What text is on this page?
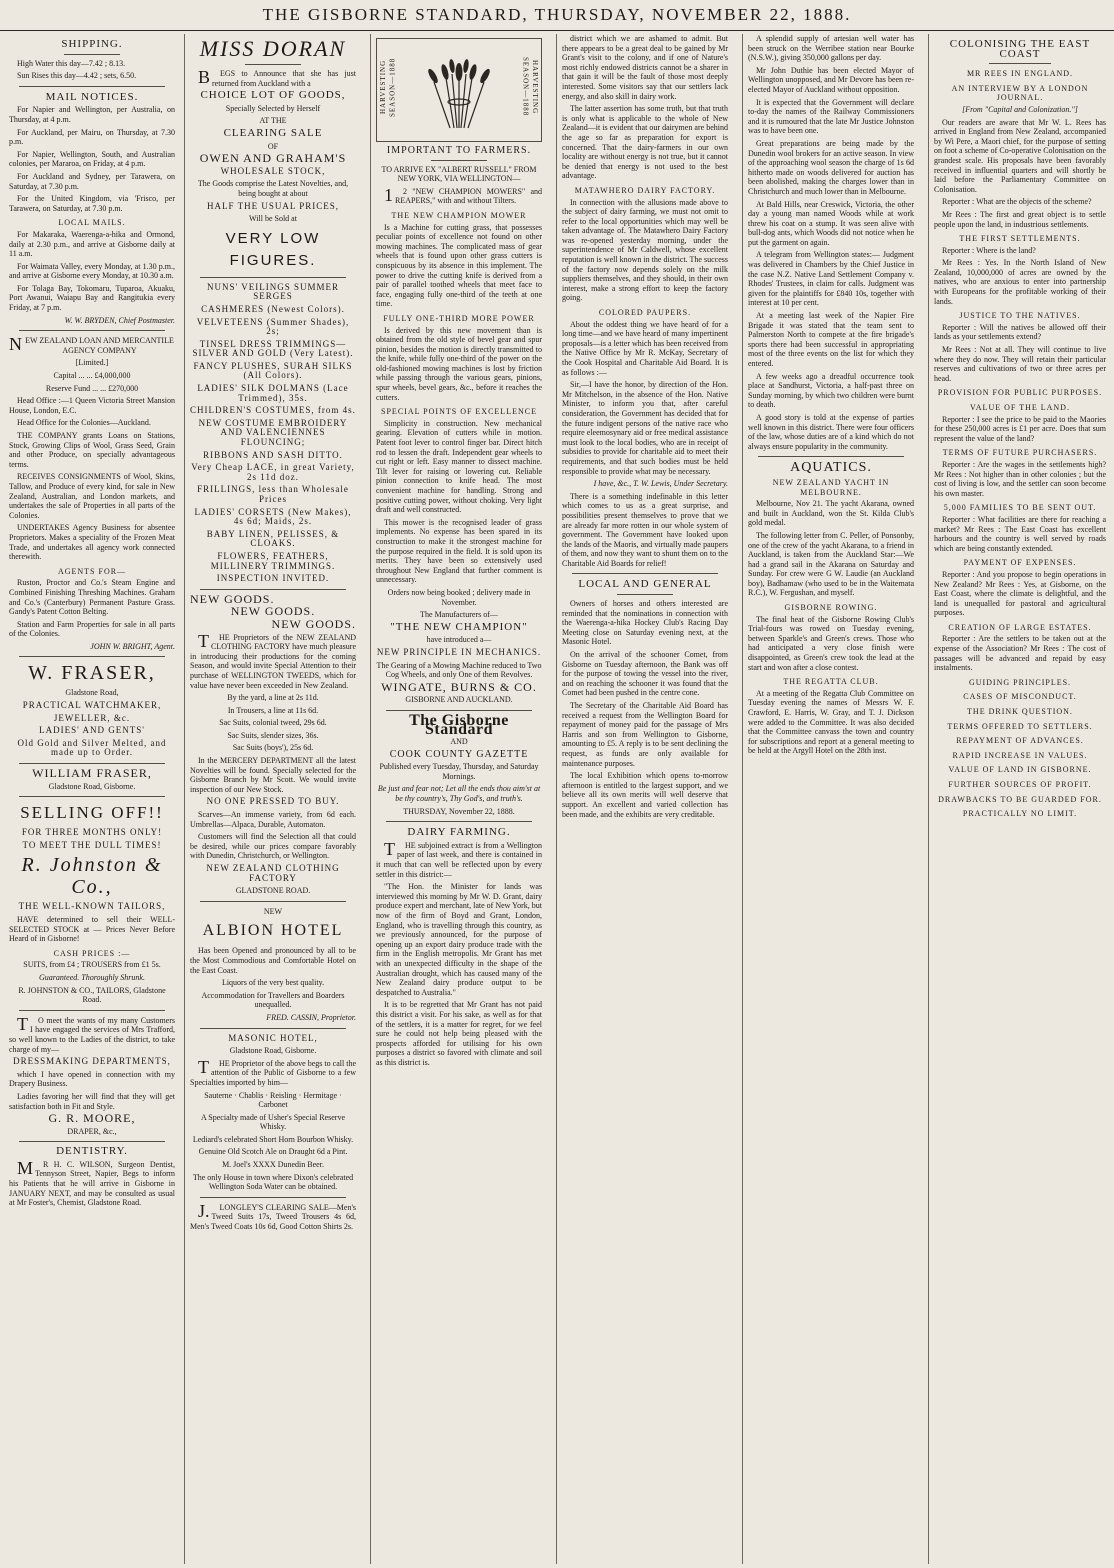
THE GISBORNE STANDARD, THURSDAY, NOVEMBER 22, 1888.
SHIPPING.

High Water this day—7.42 ; 8.13.

Sun Rises this day—4.42 ; sets, 6.50.

MAIL NOTICES.

For Napier and Wellington, per Australia, on Thursday, at 4 p.m.

For Auckland, per Mairu, on Thursday, at 7.30 p.m.

For Napier, Wellington, South, and Australian colonies, per Mararoa, on Friday, at 4 p.m.

For Auckland and Sydney, per Tarawera, on Saturday, at 7.30 p.m.

For the United Kingdom, via 'Frisco, per Tarawera, on Saturday, at 7.30 p.m.

LOCAL MAILS.

For Makaraka, Waerenga-a-hika and Ormond, daily at 2.30 p.m., and arrive at Gisborne daily at 11 a.m.

For Waimata Valley, every Monday, at 1.30 p.m., and arrive at Gisborne every Monday, at 10.30 a.m.

For Tolaga Bay, Tokomaru, Tuparoa, Akuaku, Port Awanui, Waiapu Bay and Rangitukia every Friday, at 7 p.m.

W. W. BRYDEN, Chief Postmaster.

NEW ZEALAND LOAN AND MERCANTILE AGENCY COMPANY

[Limited.]

Capital ... ... £4,000,000

Reserve Fund ... ... £270,000

Head Office :—1 Queen Victoria Street Mansion House, London, E.C.

Head Office for the Colonies—Auckland.

THE COMPANY grants Loans on Stations, Stock, Growing Clips of Wool, Grass Seed, Grain and other Produce, on specially advantageous terms.

RECEIVES CONSIGNMENTS of Wool, Skins, Tallow, and Produce of every kind, for sale in New Zealand, Australian, and London markets, and undertakes the sale of Properties in all parts of the Colonies.

UNDERTAKES Agency Business for absentee Proprietors. Makes a speciality of the Frozen Meat Trade, and undertakes all agency work connected therewith.

AGENTS FOR—

Ruston, Proctor and Co.'s Steam Engine and Combined Finishing Threshing Machines. Graham and Co.'s (Canterbury) Permanent Pasture Grass. Gandy's Patent Cotton Belting.

Station and Farm Properties for sale in all parts of the Colonies.

JOHN W. BRIGHT, Agent.

W. FRASER,

Gladstone Road,

PRACTICAL WATCHMAKER,

JEWELLER, &c.

LADIES' AND GENTS'

Old Gold and Silver Melted, and made up to Order.

WILLIAM FRASER,

Gladstone Road, Gisborne.

SELLING OFF!!

FOR THREE MONTHS ONLY!

TO MEET THE DULL TIMES!

R. Johnston & Co.,

THE WELL-KNOWN TAILORS,

HAVE determined to sell their WELL-SELECTED STOCK at — Prices Never Before Heard of in Gisborne!

CASH PRICES :—

SUITS, from £4 ; TROUSERS from £1 5s.

Guaranteed. Thoroughly Shrunk.

R. JOHNSTON & CO., TAILORS, Gladstone Road.

TO meet the wants of my many Customers I have engaged the services of Mrs Trafford, so well known to the Ladies of the district, to take charge of my—

DRESSMAKING DEPARTMENTS,

which I have opened in connection with my Drapery Business.

Ladies favoring her will find that they will get satisfaction both in Fit and Style.

G. R. MOORE,

DRAPER, &c.,

DENTISTRY.

MR H. C. WILSON, Surgeon Dentist, Tennyson Street, Napier, Begs to inform his Patients that he will arrive in Gisborne in JANUARY NEXT, and may be consulted as usual at Mr Foster's, Chemist, Gladstone Road.

MISS DORAN

BEGS to Announce that she has just returned from Auckland with a

CHOICE LOT OF GOODS,

Specially Selected by Herself

AT THE

CLEARING SALE

OF

OWEN AND GRAHAM'S

WHOLESALE STOCK,

The Goods comprise the Latest Novelties, and, being bought at about

HALF THE USUAL PRICES,

Will be Sold at

VERY LOW FIGURES.

NUNS' VEILINGS SUMMER SERGES

CASHMERES (Newest Colors).

VELVETEENS (Summer Shades), 2s;

TINSEL DRESS TRIMMINGS—SILVER AND GOLD (Very Latest).

FANCY PLUSHES, SURAH SILKS (All Colors).

LADIES' SILK DOLMANS (Lace Trimmed), 35s.

CHILDREN'S COSTUMES, from 4s.

NEW COSTUME EMBROIDERY AND VALENCIENNES FLOUNCING;

RIBBONS AND SASH DITTO.

Very Cheap LACE, in great Variety, 2s 11d doz.

FRILLINGS, less than Wholesale Prices

LADIES' CORSETS (New Makes), 4s 6d; Maids, 2s.

BABY LINEN, PELISSES, & CLOAKS.

FLOWERS, FEATHERS, MILLINERY TRIMMINGS.

INSPECTION INVITED.

NEW GOODS.

NEW GOODS.

NEW GOODS.

THE Proprietors of the NEW ZEALAND CLOTHING FACTORY have much pleasure in introducing their productions for the coming Season, and would invite Special Attention to their purchase of WELLINGTON TWEEDS, which for value have never been exceeded in New Zealand.

By the yard, a line at 2s 11d.

In Trousers, a line at 11s 6d.

Sac Suits, colonial tweed, 29s 6d.

Sac Suits, slender sizes, 36s.

Sac Suits (boys'), 25s 6d.

In the MERCERY DEPARTMENT all the latest Novelties will be found. Specially selected for the Gisborne Branch by Mr Scott. We would invite inspection of our New Stock.

NO ONE PRESSED TO BUY.

Scarves—An immense variety, from 6d each. Umbrellas—Alpaca, Durable, Automaton.

Customers will find the Selection all that could be desired, while our prices compare favorably with Dunedin, Christchurch, or Wellington.

NEW ZEALAND CLOTHING FACTORY

GLADSTONE ROAD.

NEW

ALBION HOTEL

Has been Opened and pronounced by all to be the Most Commodious and Comfortable Hotel on the East Coast.

Liquors of the very best quality.

Accommodation for Travellers and Boarders unequalled.

FRED. CASSIN, Proprietor.

MASONIC HOTEL,

Gladstone Road, Gisborne.

THE Proprietor of the above begs to call the attention of the Public of Gisborne to a few Specialties imported by him—

Sauterne · Chablis · Reisling · Hermitage · Carbonet

A Specialty made of Usher's Special Reserve Whisky.

Lediard's celebrated Short Horn Bourbon Whisky.

Genuine Old Scotch Ale on Draught 6d a Pint.

M. Joel's XXXX Dunedin Beer.

The only House in town where Dixon's celebrated Wellington Soda Water can be obtained.

J.LONGLEY'S CLEARING SALE—Men's Tweed Suits 17s, Tweed Trousers 4s 6d, Men's Tweed Coats 10s 6d, Good Cotton Shirts 2s.

HARVESTING SEASON—1888	HARVESTING SEASON—1888

IMPORTANT TO FARMERS.

TO ARRIVE EX "ALBERT RUSSELL" FROM NEW YORK, VIA WELLINGTON—

12 "NEW CHAMPION MOWERS" and REAPERS," with and without Tilters.

THE NEW CHAMPION MOWER

Is a Machine for cutting grass, that possesses peculiar points of excellence not found on other mowing machines. The complicated mass of gear wheels that is found upon other grass cutters is conspicuous by its absence in this implement. The power to drive the cutting knife is derived from a pair of parallel toothed wheels that meet face to face, engaging fully one-third of the teeth at one time.

FULLY ONE-THIRD MORE POWER

Is derived by this new movement than is obtained from the old style of bevel gear and spur pinion, besides the motion is directly transmitted to the knife, while fully one-third of the power on the old-fashioned mowing machines is lost by friction while passing through the various gears, pinions, spur wheels, bevel gears, &c., before it reaches the cutters.

SPECIAL POINTS OF EXCELLENCE

Simplicity in construction. New mechanical gearing. Elevation of cutters while in motion. Patent foot lever to control finger bar. Direct hitch rod to lessen the draft. Independent gear wheels to cut right or left. Easy manner to dissect machine. Tilt lever for raising or lowering cut. Reliable pinion connection to knife head. The most convenient machine for handling. Strong and positive cutting power, without choking. Very light draft and well constructed.

This mower is the recognised leader of grass implements. No expense has been spared in its construction to make it the strongest machine for the purpose required in the field. It is sold upon its merits. They have been so extensively used throughout New England that further comment is unnecessary.

Orders now being booked ; delivery made in November.

The Manufacturers of—

"THE NEW CHAMPION"

have introduced a—

NEW PRINCIPLE IN MECHANICS.

The Gearing of a Mowing Machine reduced to Two Cog Wheels, and only One of them Revolves.

WINGATE, BURNS & CO.

GISBORNE AND AUCKLAND.

The Gisborne Standard

AND

COOK COUNTY GAZETTE

Published every Tuesday, Thursday, and Saturday Mornings.

Be just and fear not; Let all the ends thou aim'st at be thy country's, Thy God's, and truth's.

THURSDAY, November 22, 1888.

DAIRY FARMING.

THE subjoined extract is from a Wellington paper of last week, and there is contained in it much that can well be reflected upon by every settler in this district:—

"The Hon. the Minister for lands was interviewed this morning by Mr W. D. Grant, dairy produce expert and merchant, late of New York, but now of the firm of Boyd and Grant, London, England, who is travelling through this country, as we previously announced, for the purpose of opening up an export dairy produce trade with the firm in the English metropolis. Mr Grant has met with an unexpected difficulty in the shape of the Australian drought, which has caused many of the New Zealand dairy produce output to be despatched to Australia."

It is to be regretted that Mr Grant has not paid this district a visit. For his sake, as well as for that of the settlers, it is a matter for regret, for we feel sure he could not help being pleased with the prospects afforded for utilising for his own purposes a district so favored with climate and soil as this district is.

district which we are ashamed to admit. But there appears to be a great deal to be gained by Mr Grant's visit to the colony, and if one of Nature's most richly endowed districts cannot be a sharer in that gain it will be the fault of those most deeply interested. Some visitors say that our settlers lack energy, and also skill in dairy work.

The latter assertion has some truth, but that truth is only what is applicable to the whole of New Zealand—it is evident that our dairymen are behind the age so far as preparation for export is concerned. That the dairy-farmers in our own locality are without energy is not true, but it cannot be denied that energy is not used to the best advantage.

MATAWHERO DAIRY FACTORY.

In connection with the allusions made above to the subject of dairy farming, we must not omit to refer to the local opportunities which may well be taken advantage of. The Matawhero Dairy Factory was re-opened yesterday morning, under the superintendence of Mr Caldwell, whose excellent reputation is well known in the district. The success of the factory now depends solely on the milk suppliers themselves, and they should, in their own interest, make a strong effort to keep the factory going.

COLORED PAUPERS.

About the oddest thing we have heard of for a long time—and we have heard of many impertinent proposals—is a letter which has been received from the Native Office by Mr R. McKay, Secretary of the Cook Hospital and Charitable Aid Board. It is as follows :—

Sir,—I have the honor, by direction of the Hon. Mr Mitchelson, in the absence of the Hon. Native Minister, to inform you that, after careful consideration, the Government has decided that for the future indigent persons of the native race who require eleemosynary aid or free medical assistance must look to the local bodies, who are in receipt of subsidies to provide for charitable aid to meet their requirements, and that such bodies must be held responsible to provide what may be necessary.

I have, &c., T. W. Lewis, Under Secretary.

There is a something indefinable in this letter which comes to us as a great surprise, and possibilities present themselves to prove that we are already far more rotten in our whole system of government. The Government have looked upon the lands of the Maoris, and virtually made paupers of them, and now they want to shunt them on to the Charitable Aid Boards for relief!

LOCAL AND GENERAL

Owners of horses and others interested are reminded that the nominations in connection with the Waerenga-a-hika Hockey Club's Racing Day Meeting close on Saturday evening next, at the Masonic Hotel.

On the arrival of the schooner Comet, from Gisborne on Tuesday afternoon, the Bank was off for the purpose of towing the vessel into the river, and on reaching the schooner it was found that the Comet had been pushed in the centre cone.

The Secretary of the Charitable Aid Board has received a request from the Wellington Board for repayment of money paid for the passage of Mrs Harris and son from Wellington to Gisborne, amounting to £5. A reply is to be sent declining the request, as funds are only available for maintenance purposes.

The local Exhibition which opens to-morrow afternoon is entitled to the largest support, and we believe all its own merits will well deserve that support. An excellent and varied collection has been made, and the exhibits are very creditable.

A splendid supply of artesian well water has been struck on the Werribee station near Bourke (N.S.W.), giving 350,000 gallons per day.

Mr John Duthie has been elected Mayor of Wellington unopposed, and Mr Devore has been re-elected Mayor of Auckland without opposition.

It is expected that the Government will declare to-day the names of the Railway Commissioners and it is rumoured that the late Mr Justice Johnston was to have been one.

Great preparations are being made by the Dunedin wool brokers for an active season. In view of the approaching wool season the charge of 1s 6d hitherto made on woods delivered for auction has been abolished, making the charges lower than in Christchurch and much lower than in Melbourne.

At Bald Hills, near Creswick, Victoria, the other day a young man named Woods while at work threw his coat on a stump. It was seen alive with bull-dog ants, which Woods did not notice when he put the garment on again.

A telegram from Wellington states:— Judgment was delivered in Chambers by the Chief Justice in the case N.Z. Native Land Settlement Company v. Rhodes' Trustees, in claim for calls. Judgment was given for the plaintiffs for £840 10s, together with interest at 10 per cent.

At a meeting last week of the Napier Fire Brigade it was stated that the team sent to Palmerston North to compete at the fire brigade's sports there had been successful in appropriating most of the three events on the list for which they entered.

A few weeks ago a dreadful occurrence took place at Sandhurst, Victoria, a half-past three on Sunday morning, by which two children were burnt to death.

A good story is told at the expense of parties well known in this district. There were four officers of the law, whose duties are of a kind which do not always ensure popularity in the community.

AQUATICS.
NEW ZEALAND YACHT IN MELBOURNE.

Melbourne, Nov 21. The yacht Akarana, owned and built in Auckland, won the St. Kilda Club's gold medal.

The following letter from C. Peller, of Ponsonby, one of the crew of the yacht Akarana, to a friend in Auckland, is taken from the Auckland Star:—We had a grand sail in the Akarana on Saturday and Sunday. For crew were G W. Laudie (an Auckland boy), Badhamaw (who used to be in the Waitemata R.C.), W. Fergushan, and myself.

GISBORNE ROWING.

The final heat of the Gisborne Rowing Club's Trial-fours was rowed on Tuesday evening, between Sparkle's and Green's crews. Those who had anticipated a very close finish were disappointed, as Green's crew took the lead at the start and won after a close contest.

THE REGATTA CLUB.

At a meeting of the Regatta Club Committee on Tuesday evening the names of Messrs W. F. Crawford, E. Harris, W. Gray, and T. J. Dickson were added to the Committee. It was also decided that the Committee canvass the town and country for subscriptions and report at a general meeting to be held at the Argyll Hotel on the 28th inst.

COLONISING THE EAST COAST
MR REES IN ENGLAND.
AN INTERVIEW BY A LONDON JOURNAL.

[From "Capital and Colonization."]

Our readers are aware that Mr W. L. Rees has arrived in England from New Zealand, accompanied by Wi Pere, a Maori chief, for the purpose of setting on foot a scheme of Co-operative Colonisation on the grandest scale. His proposals have been favorably received in influential quarters and will shortly be laid before the Parliamentary Committee on Colonisation.

Reporter : What are the objects of the scheme?

Mr Rees : The first and great object is to settle people upon the land, in industrious settlements.

THE FIRST SETTLEMENTS.

Reporter : Where is the land?

Mr Rees : Yes. In the North Island of New Zealand, 10,000,000 of acres are owned by the natives, who are anxious to enter into partnership with Europeans for the profitable working of their lands.

JUSTICE TO THE NATIVES.

Reporter : Will the natives be allowed off their lands as your settlements extend?

Mr Rees : Not at all. They will continue to live where they do now. They will retain their particular reserves and cultivations of two or three acres per head.

PROVISION FOR PUBLIC PURPOSES.
VALUE OF THE LAND.

Reporter : I see the price to be paid to the Maories for these 250,000 acres is £1 per acre. Does that sum represent the value of the land?

TERMS OF FUTURE PURCHASERS.

Reporter : Are the wages in the settlements high? Mr Rees : Not higher than in other colonies ; but the cost of living is low, and the settler can soon become his own master.

5,000 FAMILIES TO BE SENT OUT.

Reporter : What facilities are there for reaching a market? Mr Rees : The East Coast has excellent harbours and the country is well served by roads which are being constantly extended.

PAYMENT OF EXPENSES.

Reporter : And you propose to begin operations in New Zealand? Mr Rees : Yes, at Gisborne, on the East Coast, where the climate is delightful, and the land is unequalled for pastoral and agricultural purposes.

CREATION OF LARGE ESTATES.

Reporter : Are the settlers to be taken out at the expense of the Association? Mr Rees : The cost of passages will be advanced and repaid by easy instalments.

GUIDING PRINCIPLES.
CASES OF MISCONDUCT.
THE DRINK QUESTION.
TERMS OFFERED TO SETTLERS.
REPAYMENT OF ADVANCES.
RAPID INCREASE IN VALUES.
VALUE OF LAND IN GISBORNE.
FURTHER SOURCES OF PROFIT.
DRAWBACKS TO BE GUARDED FOR.
PRACTICALLY NO LIMIT.
